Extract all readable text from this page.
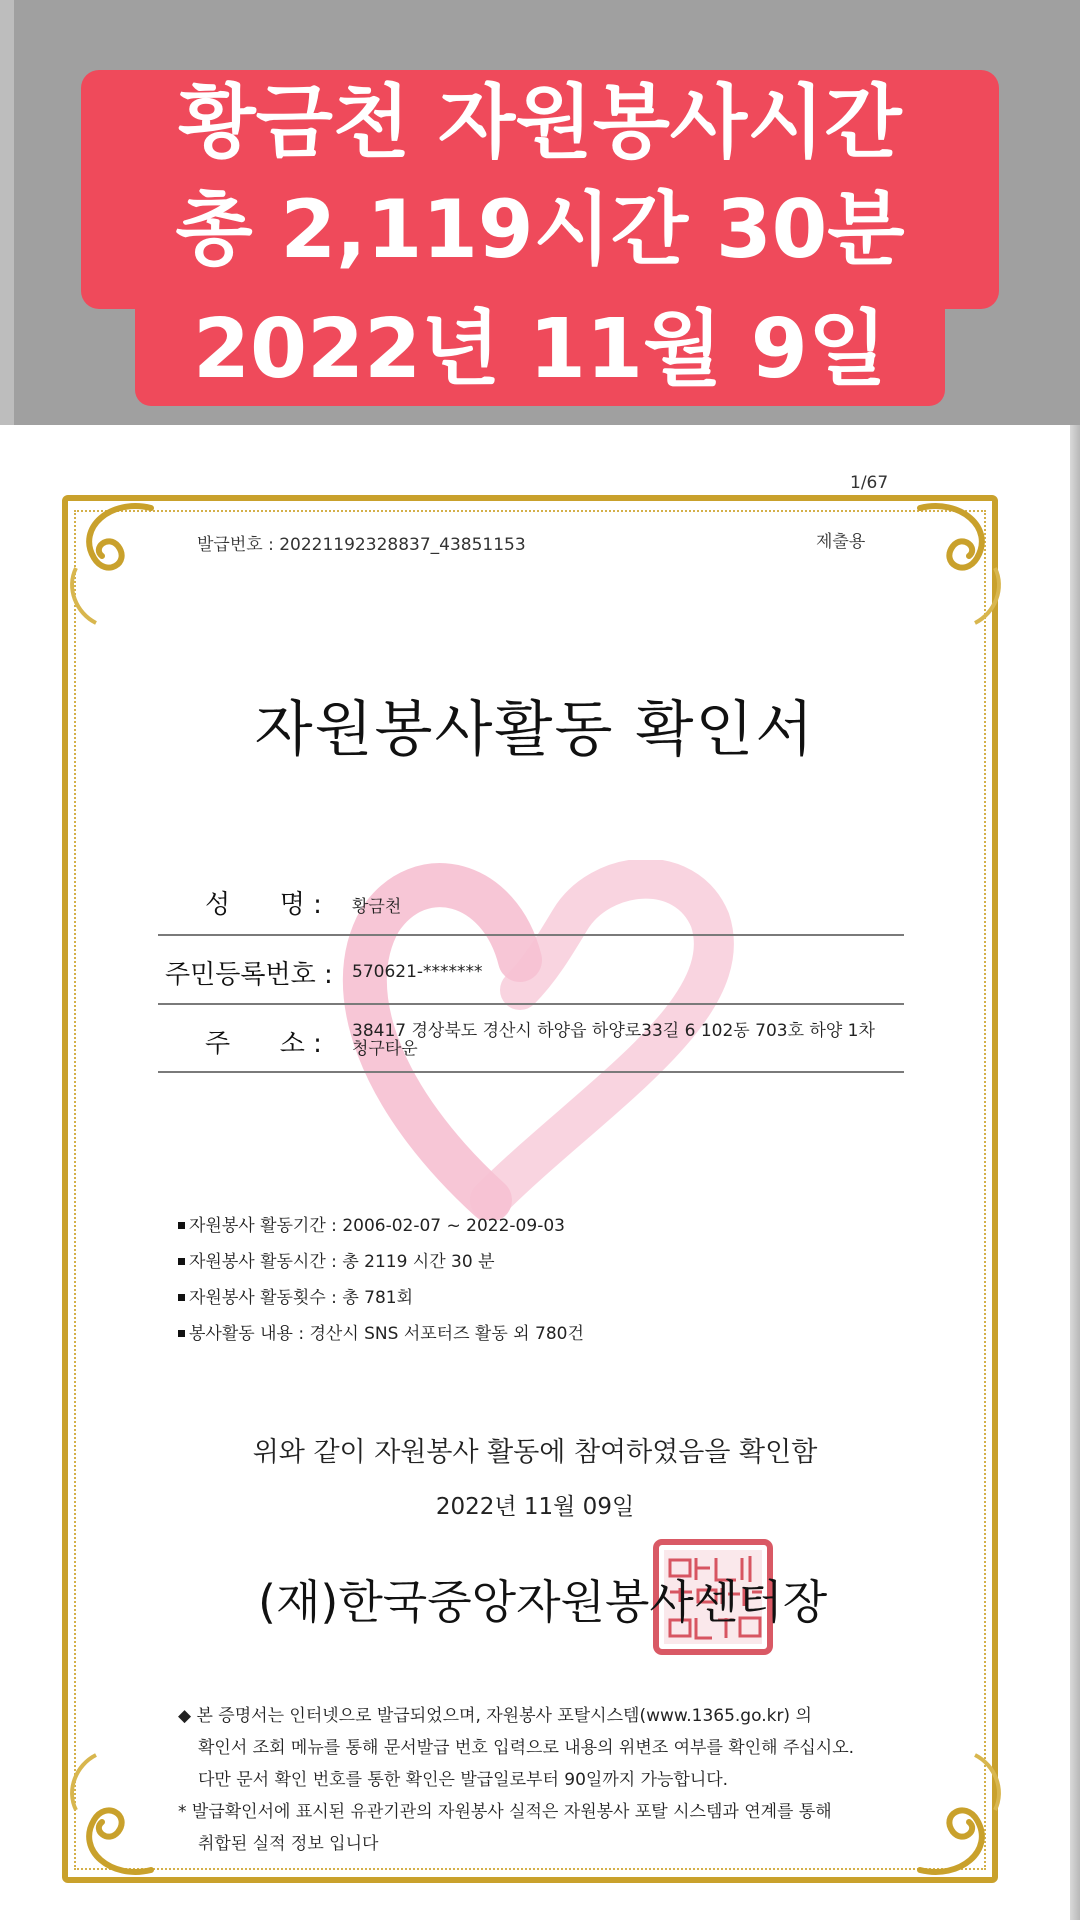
황금천 자원봉사시간
총 2,119시간 30분
2022년 11월 9일
1/67
발급번호 : 20221192328837_43851153	제출용
자원봉사활동 확인서
성      명 : 황금천
주민등록번호 : 570621-*******
주      소 : 38417 경상북도 경산시 하양읍 하양로33길 6 102동 703호 하양 1차
청구타운
자원봉사 활동기간 : 2006-02-07 ~ 2022-09-03
자원봉사 활동시간 : 총 2119 시간 30 분
자원봉사 활동횟수 : 총 781회
봉사활동 내용 : 경산시 SNS 서포터즈 활동 외 780건
위와 같이 자원봉사 활동에 참여하였음을 확인함
2022년 11월 09일
(재)한국중앙자원봉사센터장
◆ 본 증명서는 인터넷으로 발급되었으며, 자원봉사 포탈시스템(www.1365.go.kr) 의
확인서 조회 메뉴를 통해 문서발급 번호 입력으로 내용의 위변조 여부를 확인해 주십시오.
다만 문서 확인 번호를 통한 확인은 발급일로부터 90일까지 가능합니다.
* 발급확인서에 표시된 유관기관의 자원봉사 실적은 자원봉사 포탈 시스템과 연계를 통해
취합된 실적 정보 입니다
